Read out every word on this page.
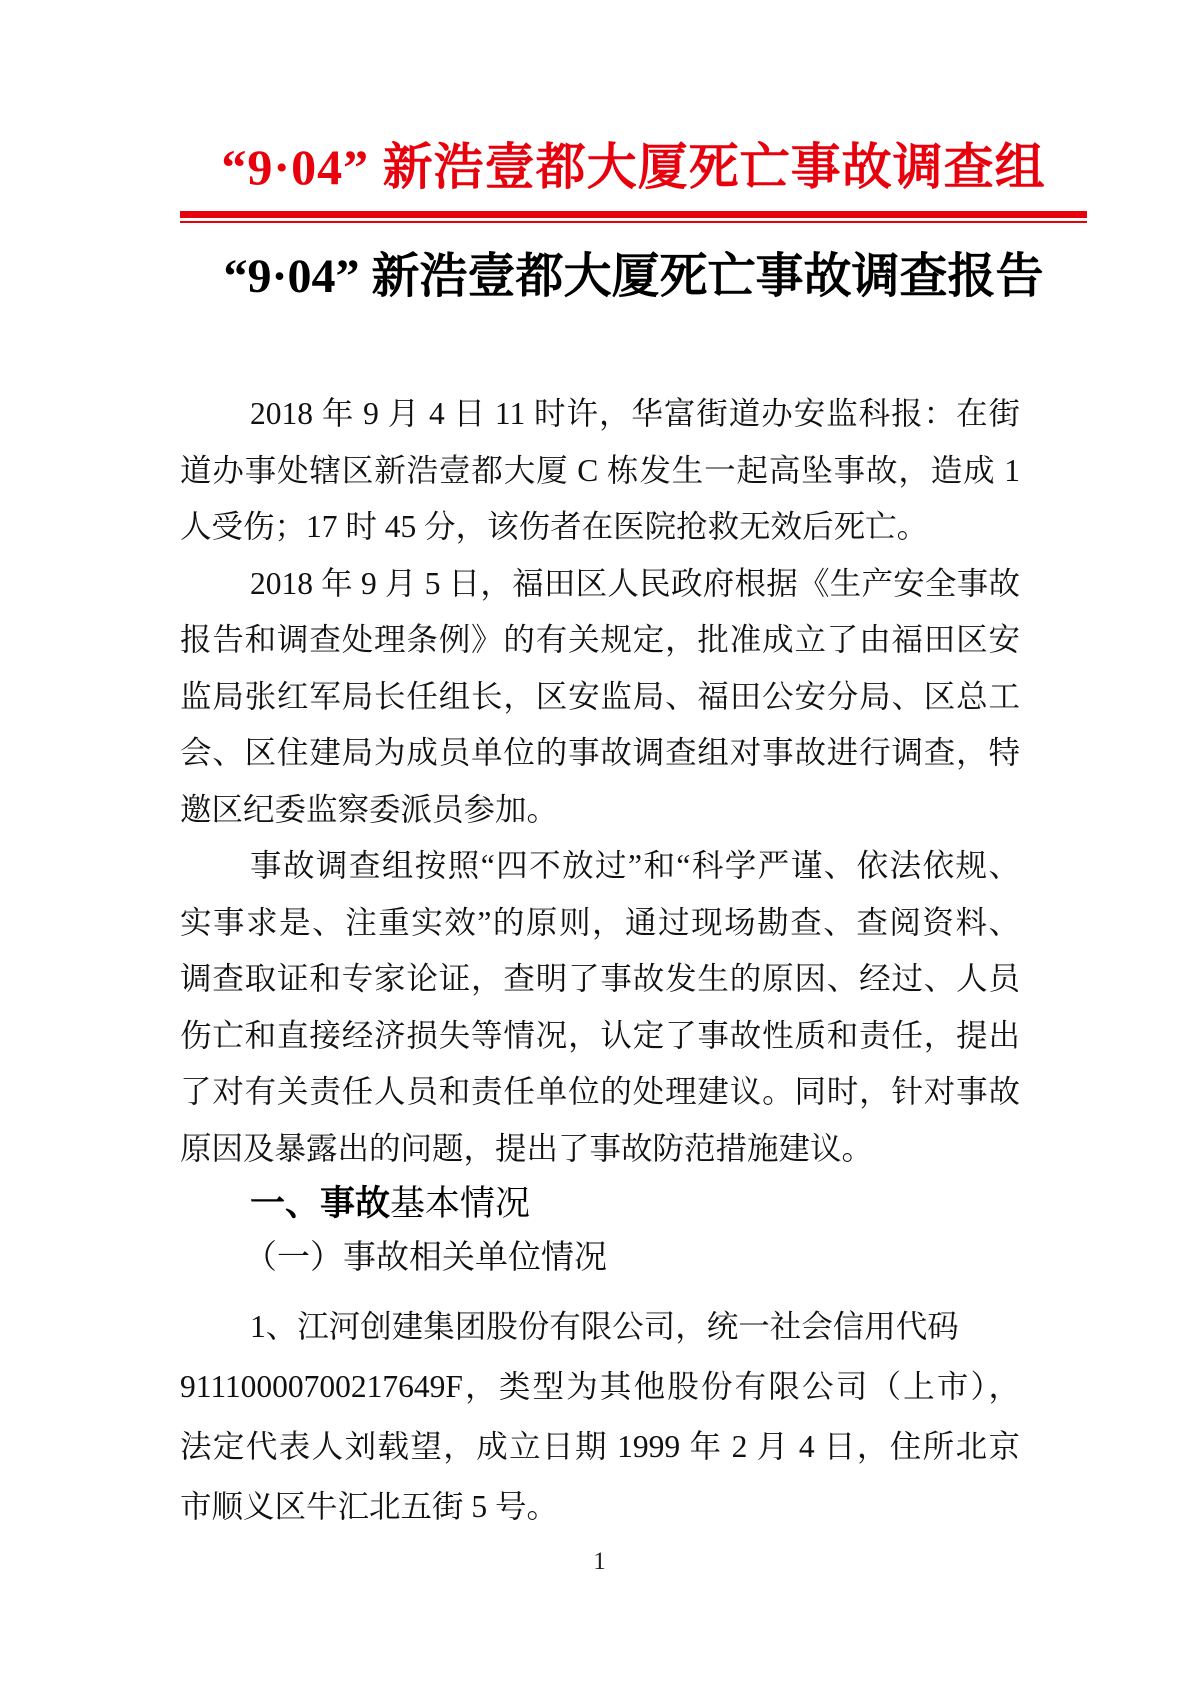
“9·04” 新浩壹都大厦死亡事故调查组
“9·04” 新浩壹都大厦死亡事故调查报告
2018 年 9 月 4 日 11 时许，华富街道办安监科报：在街
道办事处辖区新浩壹都大厦 C 栋发生一起高坠事故，造成 1
人受伤；17 时 45 分，该伤者在医院抢救无效后死亡。
2018 年 9 月 5 日，福田区人民政府根据《生产安全事故
报告和调查处理条例》的有关规定，批准成立了由福田区安
监局张红军局长任组长，区安监局、福田公安分局、区总工
会、区住建局为成员单位的事故调查组对事故进行调查，特
邀区纪委监察委派员参加。
事故调查组按照“四不放过”和“科学严谨、依法依规、
实事求是、注重实效”的原则，通过现场勘查、查阅资料、
调查取证和专家论证，查明了事故发生的原因、经过、人员
伤亡和直接经济损失等情况，认定了事故性质和责任，提出
了对有关责任人员和责任单位的处理建议。同时，针对事故
原因及暴露出的问题，提出了事故防范措施建议。
一、事故基本情况
（一）事故相关单位情况
1、江河创建集团股份有限公司，统一社会信用代码
91110000700217649F，类型为其他股份有限公司（上市），
法定代表人刘载望，成立日期 1999 年 2 月 4 日，住所北京
市顺义区牛汇北五街 5 号。
1
